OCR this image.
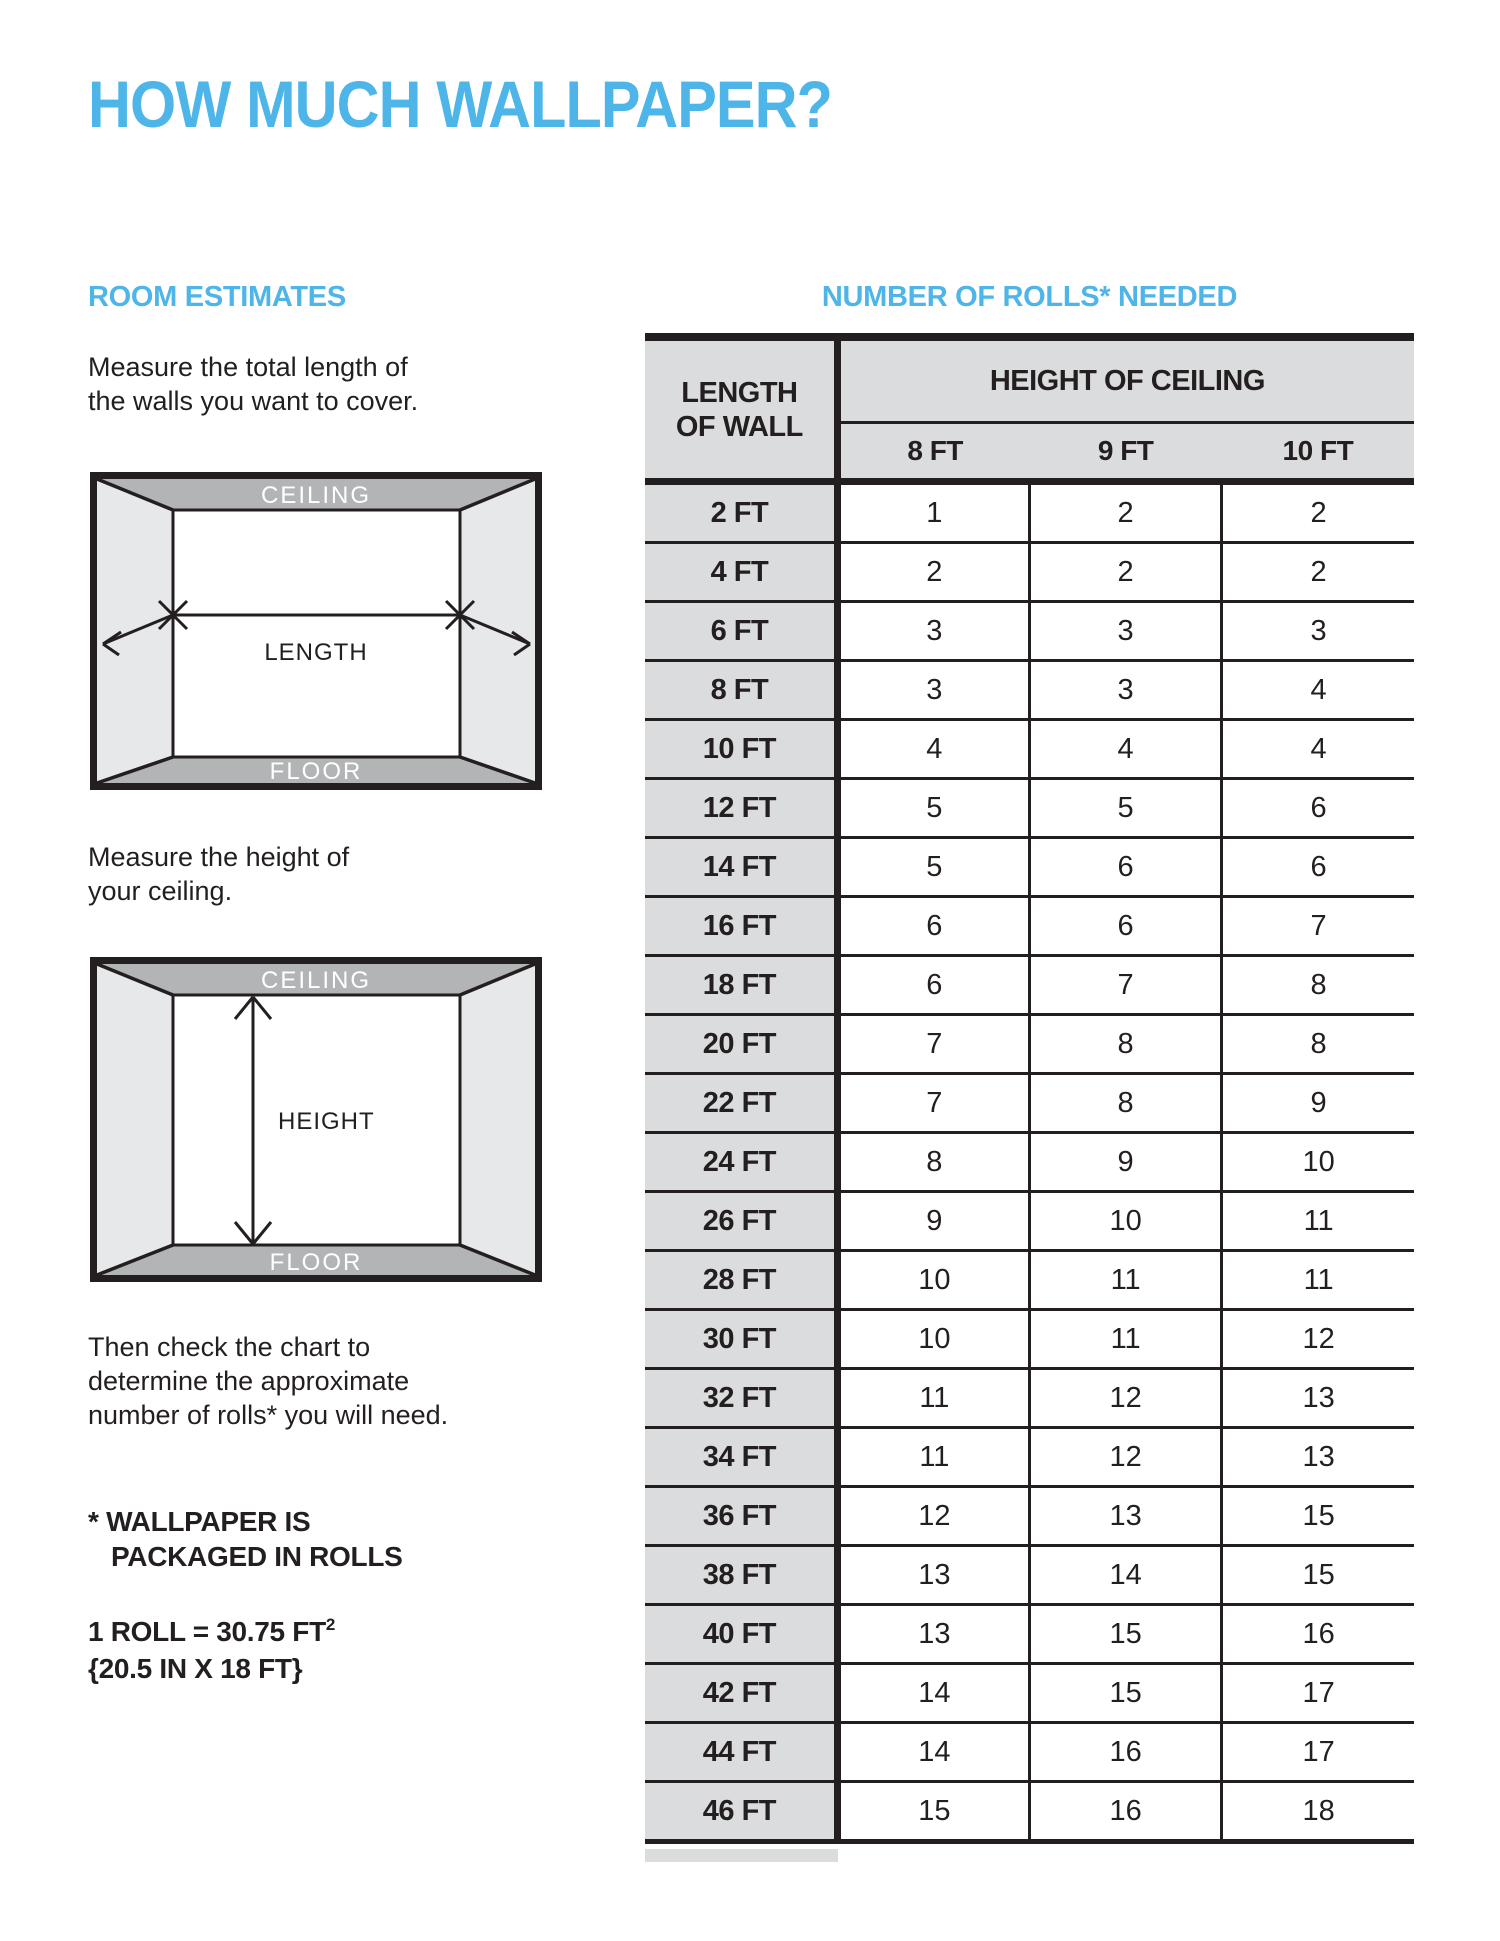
HOW MUCH WALLPAPER?
ROOM ESTIMATES
Measure the total length of
the walls you want to cover.
CEILING
FLOOR
LENGTH
Measure the height of
your ceiling.
CEILING
FLOOR
HEIGHT
Then check the chart to
determine the approximate
number of rolls* you will need.
* WALLPAPER IS
PACKAGED IN ROLLS
1 ROLL = 30.75 $FT^2$
{20.5 IN X 18 FT}
NUMBER OF ROLLS* NEEDED
LENGTH
OF WALL	HEIGHT OF CEILING		
	8 FT	9 FT	10 FT
2 FT	1	2	2
4 FT	2	2	2
6 FT	3	3	3
8 FT	3	3	4
10 FT	4	4	4
12 FT	5	5	6
14 FT	5	6	6
16 FT	6	6	7
18 FT	6	7	8
20 FT	7	8	8
22 FT	7	8	9
24 FT	8	9	10
26 FT	9	10	11
28 FT	10	11	11
30 FT	10	11	12
32 FT	11	12	13
34 FT	11	12	13
36 FT	12	13	15
38 FT	13	14	15
40 FT	13	15	16
42 FT	14	15	17
44 FT	14	16	17
46 FT	15	16	18
